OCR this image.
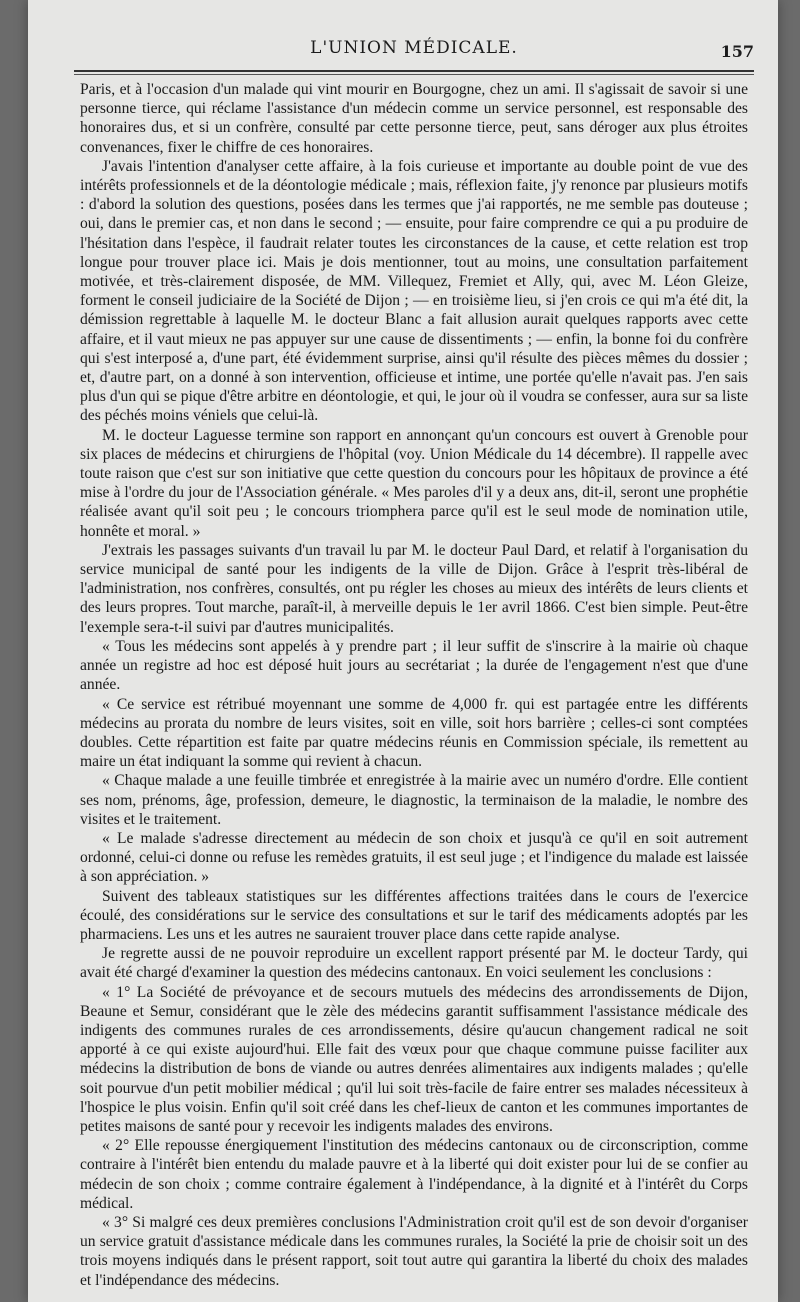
L'UNION MÉDICALE.	157

Paris, et à l'occasion d'un malade qui vint mourir en Bourgogne, chez un ami. Il s'agissait de savoir si une personne tierce, qui réclame l'assistance d'un médecin comme un service personnel, est responsable des honoraires dus, et si un confrère, consulté par cette personne tierce, peut, sans déroger aux plus étroites convenances, fixer le chiffre de ces honoraires.

J'avais l'intention d'analyser cette affaire, à la fois curieuse et importante au double point de vue des intérêts professionnels et de la déontologie médicale ; mais, réflexion faite, j'y renonce par plusieurs motifs : d'abord la solution des questions, posées dans les termes que j'ai rapportés, ne me semble pas douteuse ; oui, dans le premier cas, et non dans le second ; — ensuite, pour faire comprendre ce qui a pu produire de l'hésitation dans l'espèce, il faudrait relater toutes les circonstances de la cause, et cette relation est trop longue pour trouver place ici. Mais je dois mentionner, tout au moins, une consultation parfaitement motivée, et très-clairement disposée, de MM. Villequez, Fremiet et Ally, qui, avec M. Léon Gleize, forment le conseil judiciaire de la Société de Dijon ; — en troisième lieu, si j'en crois ce qui m'a été dit, la démission regrettable à laquelle M. le docteur Blanc a fait allusion aurait quelques rapports avec cette affaire, et il vaut mieux ne pas appuyer sur une cause de dissentiments ; — enfin, la bonne foi du confrère qui s'est interposé a, d'une part, été évidemment surprise, ainsi qu'il résulte des pièces mêmes du dossier ; et, d'autre part, on a donné à son intervention, officieuse et intime, une portée qu'elle n'avait pas. J'en sais plus d'un qui se pique d'être arbitre en déontologie, et qui, le jour où il voudra se confesser, aura sur sa liste des péchés moins véniels que celui-là.

M. le docteur Laguesse termine son rapport en annonçant qu'un concours est ouvert à Grenoble pour six places de médecins et chirurgiens de l'hôpital (voy. Union Médicale du 14 décembre). Il rappelle avec toute raison que c'est sur son initiative que cette question du concours pour les hôpitaux de province a été mise à l'ordre du jour de l'Association générale. « Mes paroles d'il y a deux ans, dit-il, seront une prophétie réalisée avant qu'il soit peu ; le concours triomphera parce qu'il est le seul mode de nomination utile, honnête et moral. »

J'extrais les passages suivants d'un travail lu par M. le docteur Paul Dard, et relatif à l'organisation du service municipal de santé pour les indigents de la ville de Dijon. Grâce à l'esprit très-libéral de l'administration, nos confrères, consultés, ont pu régler les choses au mieux des intérêts de leurs clients et des leurs propres. Tout marche, paraît-il, à merveille depuis le 1er avril 1866. C'est bien simple. Peut-être l'exemple sera-t-il suivi par d'autres municipalités.

« Tous les médecins sont appelés à y prendre part ; il leur suffit de s'inscrire à la mairie où chaque année un registre ad hoc est déposé huit jours au secrétariat ; la durée de l'engagement n'est que d'une année.

« Ce service est rétribué moyennant une somme de 4,000 fr. qui est partagée entre les différents médecins au prorata du nombre de leurs visites, soit en ville, soit hors barrière ; celles-ci sont comptées doubles. Cette répartition est faite par quatre médecins réunis en Commission spéciale, ils remettent au maire un état indiquant la somme qui revient à chacun.

« Chaque malade a une feuille timbrée et enregistrée à la mairie avec un numéro d'ordre. Elle contient ses nom, prénoms, âge, profession, demeure, le diagnostic, la terminaison de la maladie, le nombre des visites et le traitement.

« Le malade s'adresse directement au médecin de son choix et jusqu'à ce qu'il en soit autrement ordonné, celui-ci donne ou refuse les remèdes gratuits, il est seul juge ; et l'indigence du malade est laissée à son appréciation. »

Suivent des tableaux statistiques sur les différentes affections traitées dans le cours de l'exercice écoulé, des considérations sur le service des consultations et sur le tarif des médicaments adoptés par les pharmaciens. Les uns et les autres ne sauraient trouver place dans cette rapide analyse.

Je regrette aussi de ne pouvoir reproduire un excellent rapport présenté par M. le docteur Tardy, qui avait été chargé d'examiner la question des médecins cantonaux. En voici seulement les conclusions :

« 1° La Société de prévoyance et de secours mutuels des médecins des arrondissements de Dijon, Beaune et Semur, considérant que le zèle des médecins garantit suffisamment l'assistance médicale des indigents des communes rurales de ces arrondissements, désire qu'aucun changement radical ne soit apporté à ce qui existe aujourd'hui. Elle fait des vœux pour que chaque commune puisse faciliter aux médecins la distribution de bons de viande ou autres denrées alimentaires aux indigents malades ; qu'elle soit pourvue d'un petit mobilier médical ; qu'il lui soit très-facile de faire entrer ses malades nécessiteux à l'hospice le plus voisin. Enfin qu'il soit créé dans les chef-lieux de canton et les communes importantes de petites maisons de santé pour y recevoir les indigents malades des environs.

« 2° Elle repousse énergiquement l'institution des médecins cantonaux ou de circonscription, comme contraire à l'intérêt bien entendu du malade pauvre et à la liberté qui doit exister pour lui de se confier au médecin de son choix ; comme contraire également à l'indépendance, à la dignité et à l'intérêt du Corps médical.

« 3° Si malgré ces deux premières conclusions l'Administration croit qu'il est de son devoir d'organiser un service gratuit d'assistance médicale dans les communes rurales, la Société la prie de choisir soit un des trois moyens indiqués dans le présent rapport, soit tout autre qui garantira la liberté du choix des malades et l'indépendance des médecins.
